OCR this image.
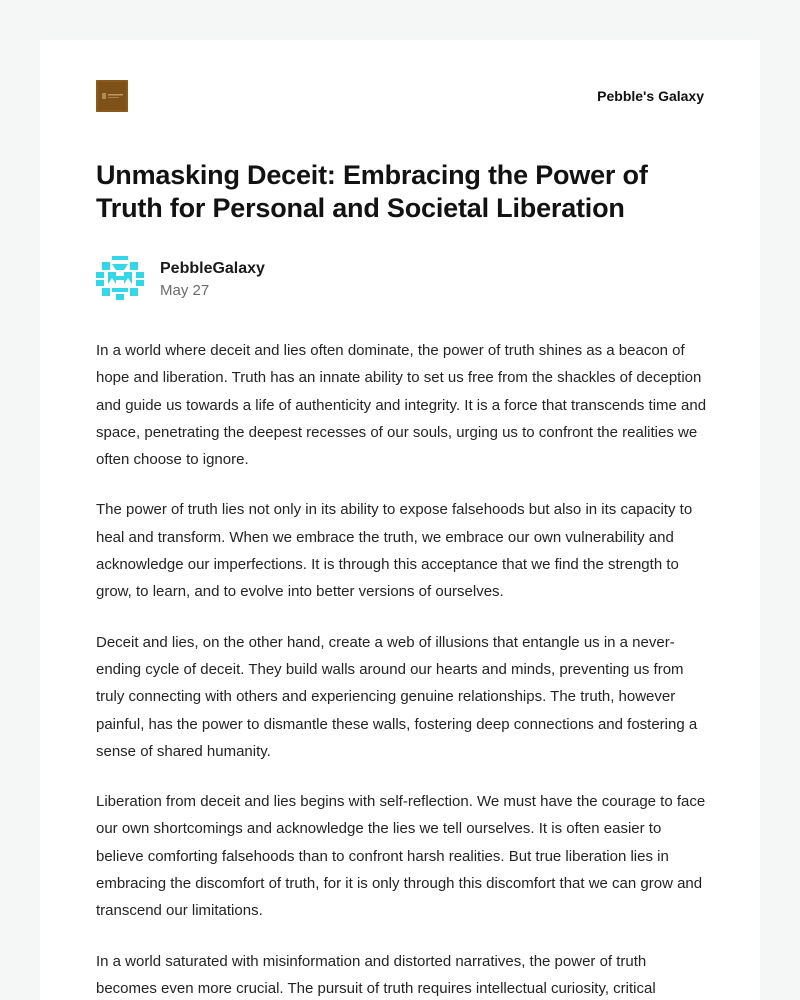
Pebble's Galaxy
Unmasking Deceit: Embracing the Power of Truth for Personal and Societal Liberation
PebbleGalaxy
May 27

In a world where deceit and lies often dominate, the power of truth shines as a beacon of hope and liberation. Truth has an innate ability to set us free from the shackles of deception and guide us towards a life of authenticity and integrity. It is a force that transcends time and space, penetrating the deepest recesses of our souls, urging us to confront the realities we often choose to ignore.

The power of truth lies not only in its ability to expose falsehoods but also in its capacity to heal and transform. When we embrace the truth, we embrace our own vulnerability and acknowledge our imperfections. It is through this acceptance that we find the strength to grow, to learn, and to evolve into better versions of ourselves.

Deceit and lies, on the other hand, create a web of illusions that entangle us in a never-ending cycle of deceit. They build walls around our hearts and minds, preventing us from truly connecting with others and experiencing genuine relationships. The truth, however painful, has the power to dismantle these walls, fostering deep connections and fostering a sense of shared humanity.

Liberation from deceit and lies begins with self-reflection. We must have the courage to face our own shortcomings and acknowledge the lies we tell ourselves. It is often easier to believe comforting falsehoods than to confront harsh realities. But true liberation lies in embracing the discomfort of truth, for it is only through this discomfort that we can grow and transcend our limitations.

In a world saturated with misinformation and distorted narratives, the power of truth becomes even more crucial. The pursuit of truth requires intellectual curiosity, critical
